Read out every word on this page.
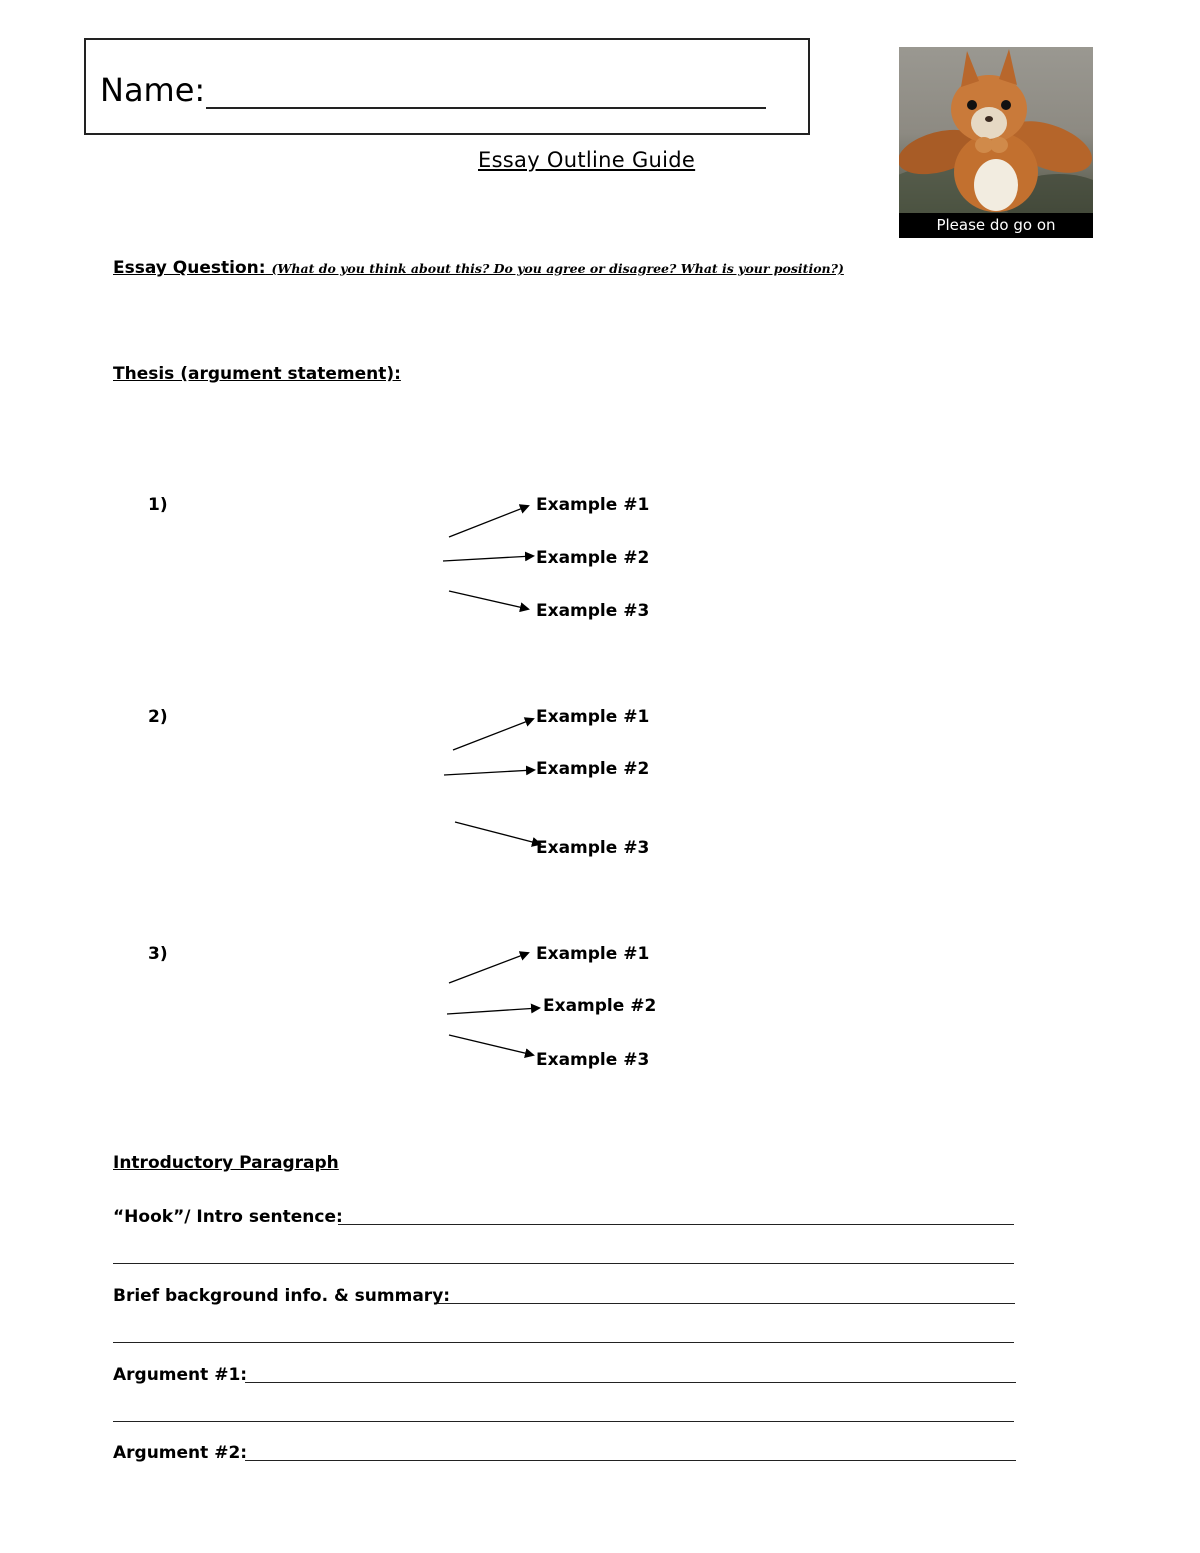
Name:
Essay Outline Guide
Please do go on
Essay Question: (What do you think about this? Do you agree or disagree? What is your position?)
Thesis (argument statement):
1)
2)
3)
Example #1
Example #2
Example #3
Example #1
Example #2
Example #3
Example #1
Example #2
Example #3
Introductory Paragraph
“Hook”/ Intro sentence:
Brief background info. & summary:
Argument #1:
Argument #2:
